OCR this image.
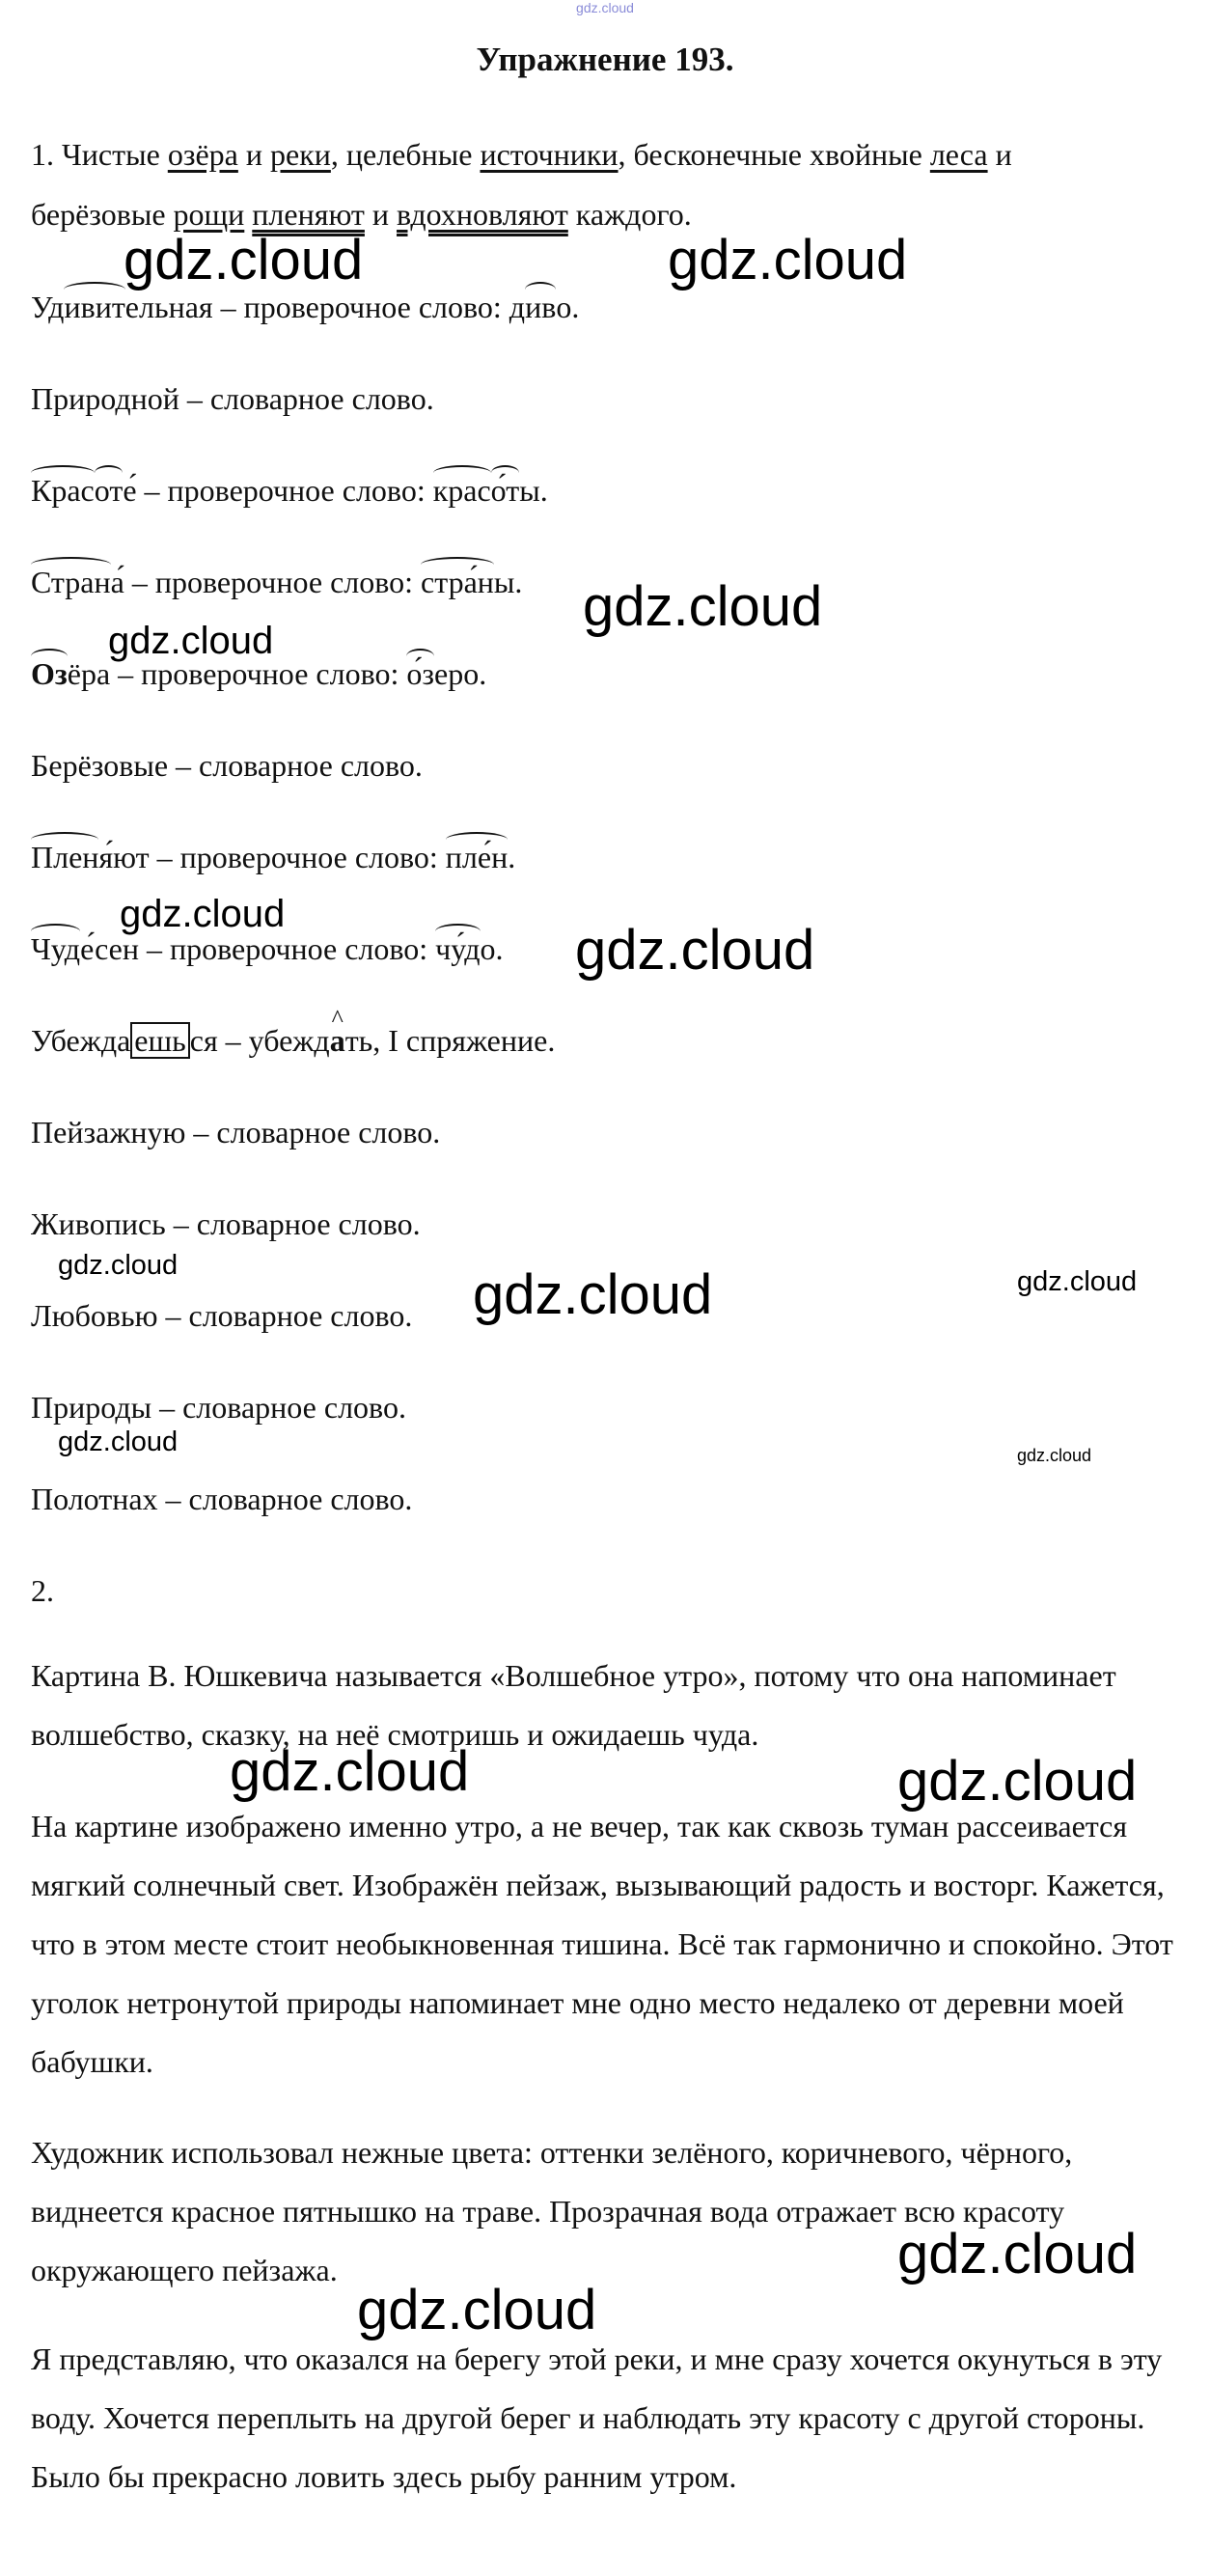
gdz.cloud
Упражнение 193.
1. Чистые озёра и реки, целебные источники, бесконечные хвойные леса и
берёзовые рощи пленяют и вдохновляют каждого.
Удивительная – проверочное слово: диво.
Природной – словарное слово.
Красоте́ – проверочное слово: красо́ты.
Страна́ – проверочное слово: стра́ны.
Озёра – проверочное слово: о́зеро.
Берёзовые – словарное слово.
Пленя́ют – проверочное слово: пле́н.
Чуде́сен – проверочное слово: чу́до.
Убежда ешь ся – убежд^ ать, I спряжение.
Пейзажную – словарное слово.
Живопись – словарное слово.
Любовью – словарное слово.
Природы – словарное слово.
Полотнах – словарное слово.
2.
Картина В. Юшкевича называется «Волшебное утро», потому что она напоминает волшебство, сказку, на неё смотришь и ожидаешь чуда.
На картине изображено именно утро, а не вечер, так как сквозь туман рассеивается мягкий солнечный свет. Изображён пейзаж, вызывающий радость и восторг. Кажется, что в этом месте стоит необыкновенная тишина. Всё так гармонично и спокойно. Этот уголок нетронутой природы напоминает мне одно место недалеко от деревни моей бабушки.
Художник использовал нежные цвета: оттенки зелёного, коричневого, чёрного, виднеется красное пятнышко на траве. Прозрачная вода отражает всю красоту окружающего пейзажа.
Я представляю, что оказался на берегу этой реки, и мне сразу хочется окунуться в эту воду. Хочется переплыть на другой берег и наблюдать эту красоту с другой стороны. Было бы прекрасно ловить здесь рыбу ранним утром.
gdz.cloud	gdz.cloud
gdz.cloud
gdz.cloud
gdz.cloud
gdz.cloud
gdz.cloud	gdz.cloud	gdz.cloud
gdz.cloud	gdz.cloud
gdz.cloud	gdz.cloud
gdz.cloud
gdz.cloud
